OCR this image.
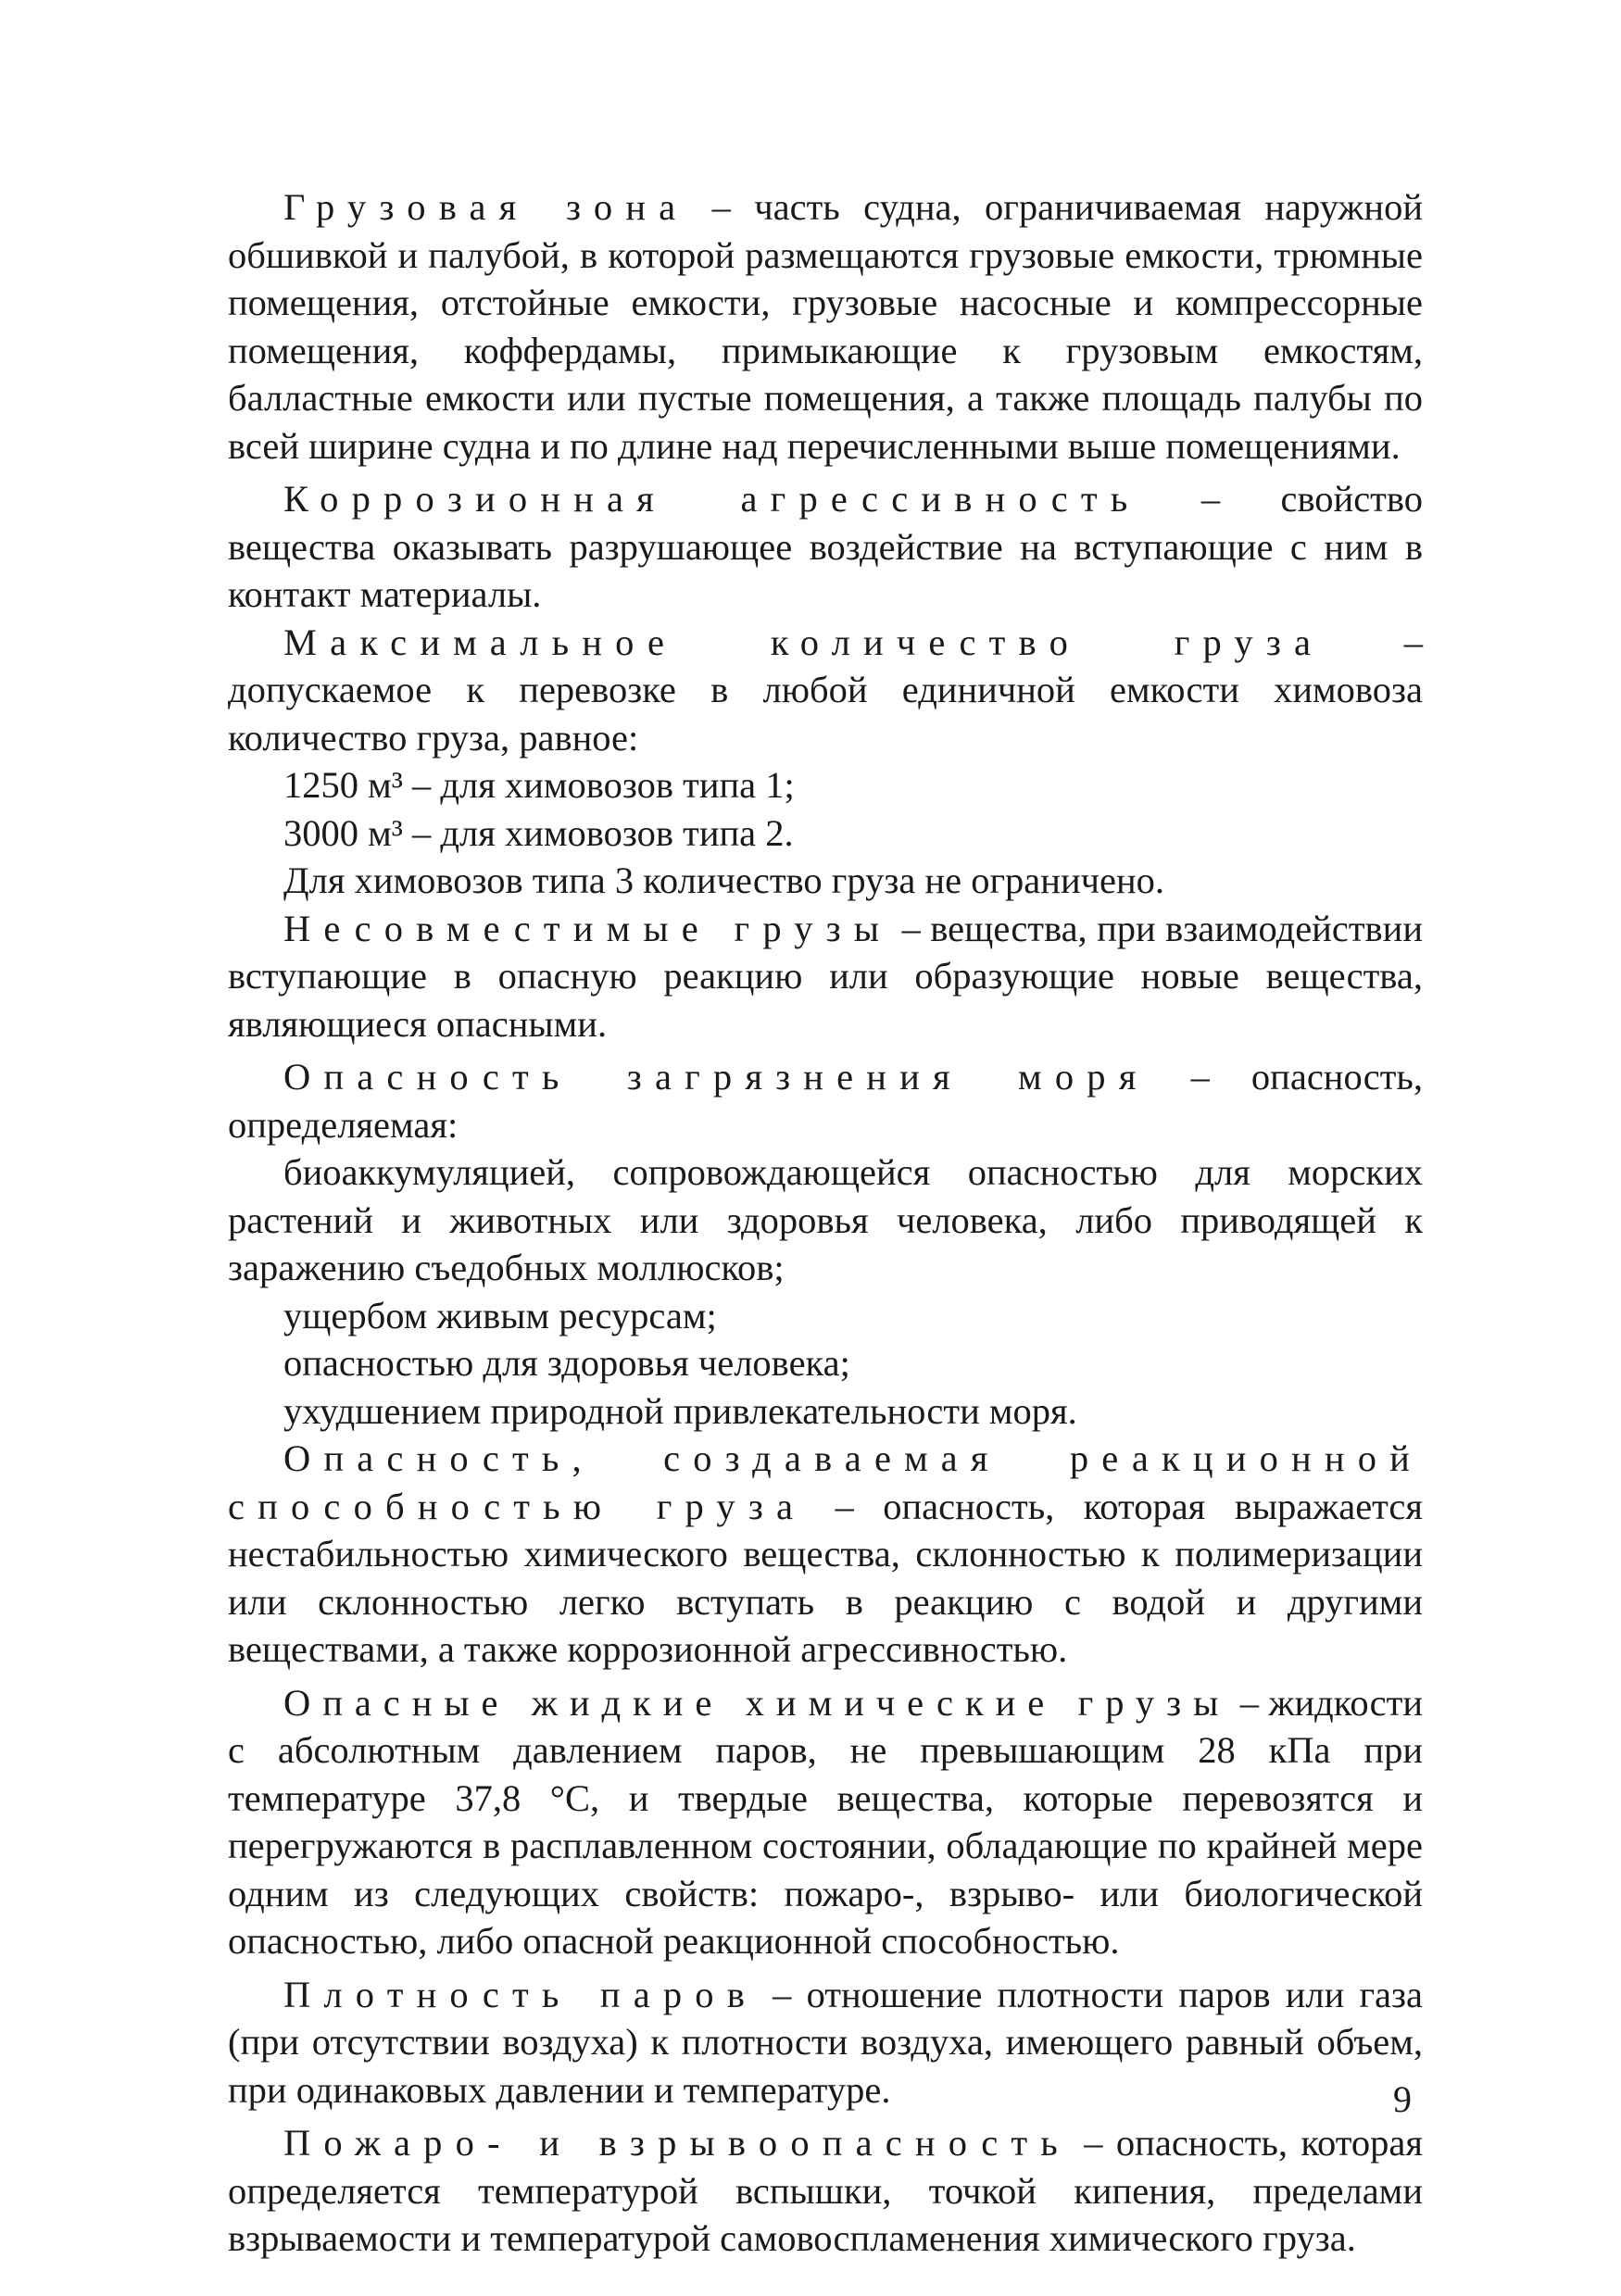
Грузовая зона – часть судна, ограничиваемая наружной обшивкой и палубой, в которой размещаются грузовые емкости, трюмные помещения, отстойные емкости, грузовые насосные и компрессорные помещения, коффердамы, примыкающие к грузовым емкостям, балластные емкости или пустые помещения, а также площадь палубы по всей ширине судна и по длине над перечисленными выше помещениями.

Коррозионная агрессивность – свойство вещества оказывать разрушающее воздействие на вступающие с ним в контакт материалы.

Максимальное количество груза – допускаемое к перевозке в любой единичной емкости химовоза количество груза, равное:

1250 м³ – для химовозов типа 1;

3000 м³ – для химовозов типа 2.

Для химовозов типа 3 количество груза не ограничено.

Несовместимые грузы – вещества, при взаимодействии вступающие в опасную реакцию или образующие новые вещества, являющиеся опасными.

Опасность загрязнения моря – опасность, определяемая:

биоаккумуляцией, сопровождающейся опасностью для морских растений и животных или здоровья человека, либо приводящей к заражению съедобных моллюсков;

ущербом живым ресурсам;

опасностью для здоровья человека;

ухудшением природной привлекательности моря.

Опасность, создаваемая реакционной способностью груза – опасность, которая выражается нестабильностью химического вещества, склонностью к полимеризации или склонностью легко вступать в реакцию с водой и другими веществами, а также коррозионной агрессивностью.

Опасные жидкие химические грузы – жидкости с абсолютным давлением паров, не превышающим 28 кПа при температуре 37,8 °С, и твердые вещества, которые перевозятся и перегружаются в расплавленном состоянии, обладающие по крайней мере одним из следующих свойств: пожаро-, взрыво- или биологической опасностью, либо опасной реакционной способностью.

Плотность паров – отношение плотности паров или газа (при отсутствии воздуха) к плотности воздуха, имеющего равный объем, при одинаковых давлении и температуре.

Пожаро- и взрывоопасность – опасность, которая определяется температурой вспышки, точкой кипения, пределами взрываемости и температурой самовоспламенения химического груза.

9
